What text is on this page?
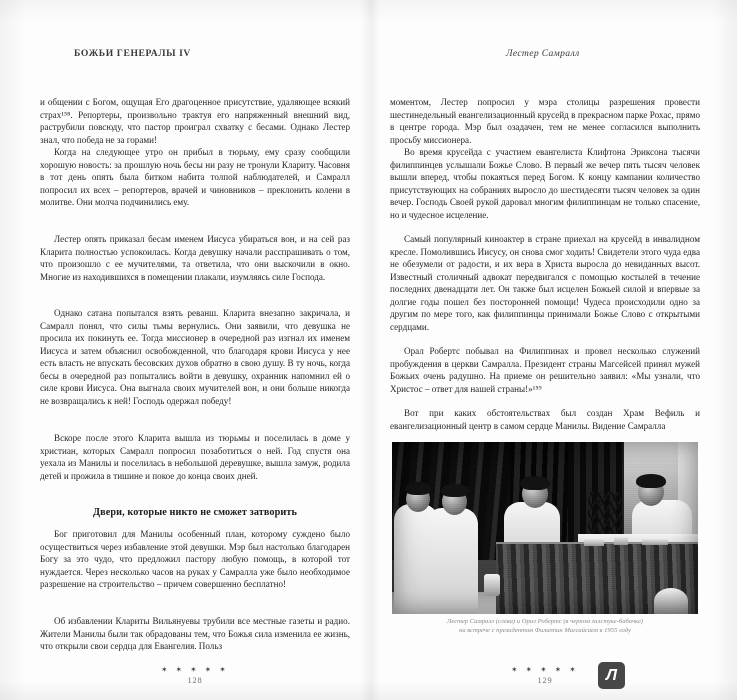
БОЖЬИ ГЕНЕРАЛЫ IV

и общении с Богом, ощущая Его драгоценное присутствие, удаляющее всякий страх¹⁵⁸. Репортеры, произвольно трактуя его напряженный внешний вид, раструбили повсюду, что пастор проиграл схватку с бесами. Однако Лестер знал, что победа не за горами!

Когда на следующее утро он прибыл в тюрьму, ему сразу сообщили хорошую новость: за прошлую ночь бесы ни разу не тронули Клариту. Часовня в тот день опять была битком набита толпой наблюдателей, и Самралл попросил их всех – репортеров, врачей и чиновников – преклонить колени в молитве. Они молча подчинились ему.

Лестер опять приказал бесам именем Иисуса убираться вон, и на сей раз Кларита полностью успокоилась. Когда девушку начали расспрашивать о том, что произошло с ее мучителями, та ответила, что они выскочили в окно. Многие из находившихся в помещении плакали, изумляясь силе Господа.

Однако сатана попытался взять реванш. Кларита внезапно закричала, и Самралл понял, что силы тьмы вернулись. Они заявили, что девушка не просила их покинуть ее. Тогда миссионер в очередной раз изгнал их именем Иисуса и затем объяснил освобожденной, что благодаря крови Иисуса у нее есть власть не впускать бесовских духов обратно в свою душу. В ту ночь, когда бесы в очередной раз попытались войти в девушку, охранник напомнил ей о силе крови Иисуса. Она выгнала своих мучителей вон, и они больше никогда не возвращались к ней! Господь одержал победу!

Вскоре после этого Кларита вышла из тюрьмы и поселилась в доме у христиан, которых Самралл попросил позаботиться о ней. Год спустя она уехала из Манилы и поселилась в небольшой деревушке, вышла замуж, родила детей и прожила в тишине и покое до конца своих дней.

Двери, которые никто не сможет затворить

Бог приготовил для Манилы особенный план, которому суждено было осуществиться через избавление этой девушки. Мэр был настолько благодарен Богу за это чудо, что предложил пастору любую помощь, в которой тот нуждается. Через несколько часов на руках у Самралла уже было необходимое разрешение на строительство – причем совершенно бесплатно!

Об избавлении Клариты Вильянуевы трубили все местные газеты и радио. Жители Манилы были так обрадованы тем, что Божья сила изменила ее жизнь, что открыли свои сердца для Евангелия. Польз

✶ ✶ ✶ ✶ ✶
128
Лестер Самралл

моментом, Лестер попросил у мэра столицы разрешения провести шестинедельный евангелизационный крусейд в прекрасном парке Рохас, прямо в центре города. Мэр был озадачен, тем не менее согласился выполнить просьбу миссионера.

Во время крусейда с участием евангелиста Клифтона Эриксона тысячи филиппинцев услышали Божье Слово. В первый же вечер пять тысяч человек вышли вперед, чтобы покаяться перед Богом. К концу кампании количество присутствующих на собраниях выросло до шестидесяти тысяч человек за один вечер. Господь Своей рукой даровал многим филиппинцам не только спасение, но и чудесное исцеление.

Самый популярный киноактер в стране приехал на крусейд в инвалидном кресле. Помолившись Иисусу, он снова смог ходить! Свидетели этого чуда едва не обезумели от радости, и их вера в Христа выросла до невиданных высот. Известный столичный адвокат передвигался с помощью костылей в течение последних двенадцати лет. Он также был исцелен Божьей силой и впервые за долгие годы пошел без посторонней помощи! Чудеса происходили одно за другим по мере того, как филиппинцы принимали Божье Слово с открытыми сердцами.

Орал Робертс побывал на Филиппинах и провел несколько служений пробуждения в церкви Самралла. Президент страны Магсейсей принял мужей Божьих очень радушно. На приеме он решительно заявил: «Мы узнали, что Христос – ответ для нашей страны!»¹⁵⁹

Вот при каких обстоятельствах был создан Храм Вефиль и евангелизационный центр в самом сердце Манилы. Видение Самралла

✶ ✶ ✶ ✶ ✶
129
Лестер Самралл (слева) и Орал Робертс (в черном галстуке-бабочке)
на встрече с президентом Филиппин Магсайсаем в 1955 году
Л
